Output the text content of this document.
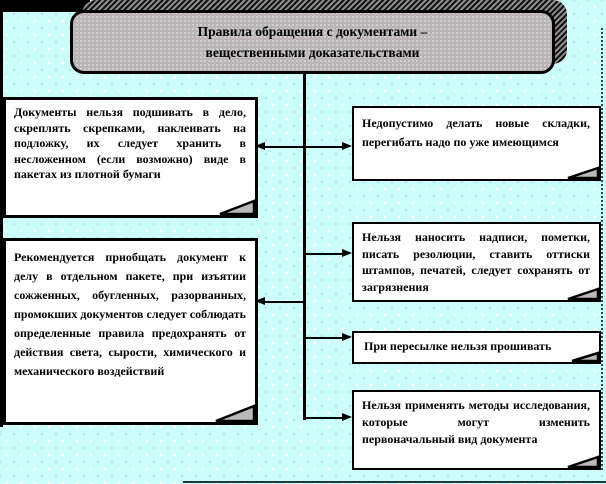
Правила обращения с документами –
вещественными доказательствами

Документы нельзя подшивать в дело, скреплять скрепками, наклеивать на подложку, их следует хранить в несложенном (если возможно) виде в пакетах из плотной бумаги

Рекомендуется приобщать документ к делу в отдельном пакете, при изъятии сожженных, обугленных, разорванных, промокших документов следует соблюдать определенные правила предохранять от действия света, сырости, химического и механического воздействий

Недопустимо делать новые складки, перегибать надо по уже имеющимся

Нельзя наносить надписи, пометки, писать резолюции, ставить оттиски штампов, печатей, следует сохранять от загрязнения

При пересылке нельзя прошивать

Нельзя применять методы исследования, которые могут изменить первоначальный вид документа
